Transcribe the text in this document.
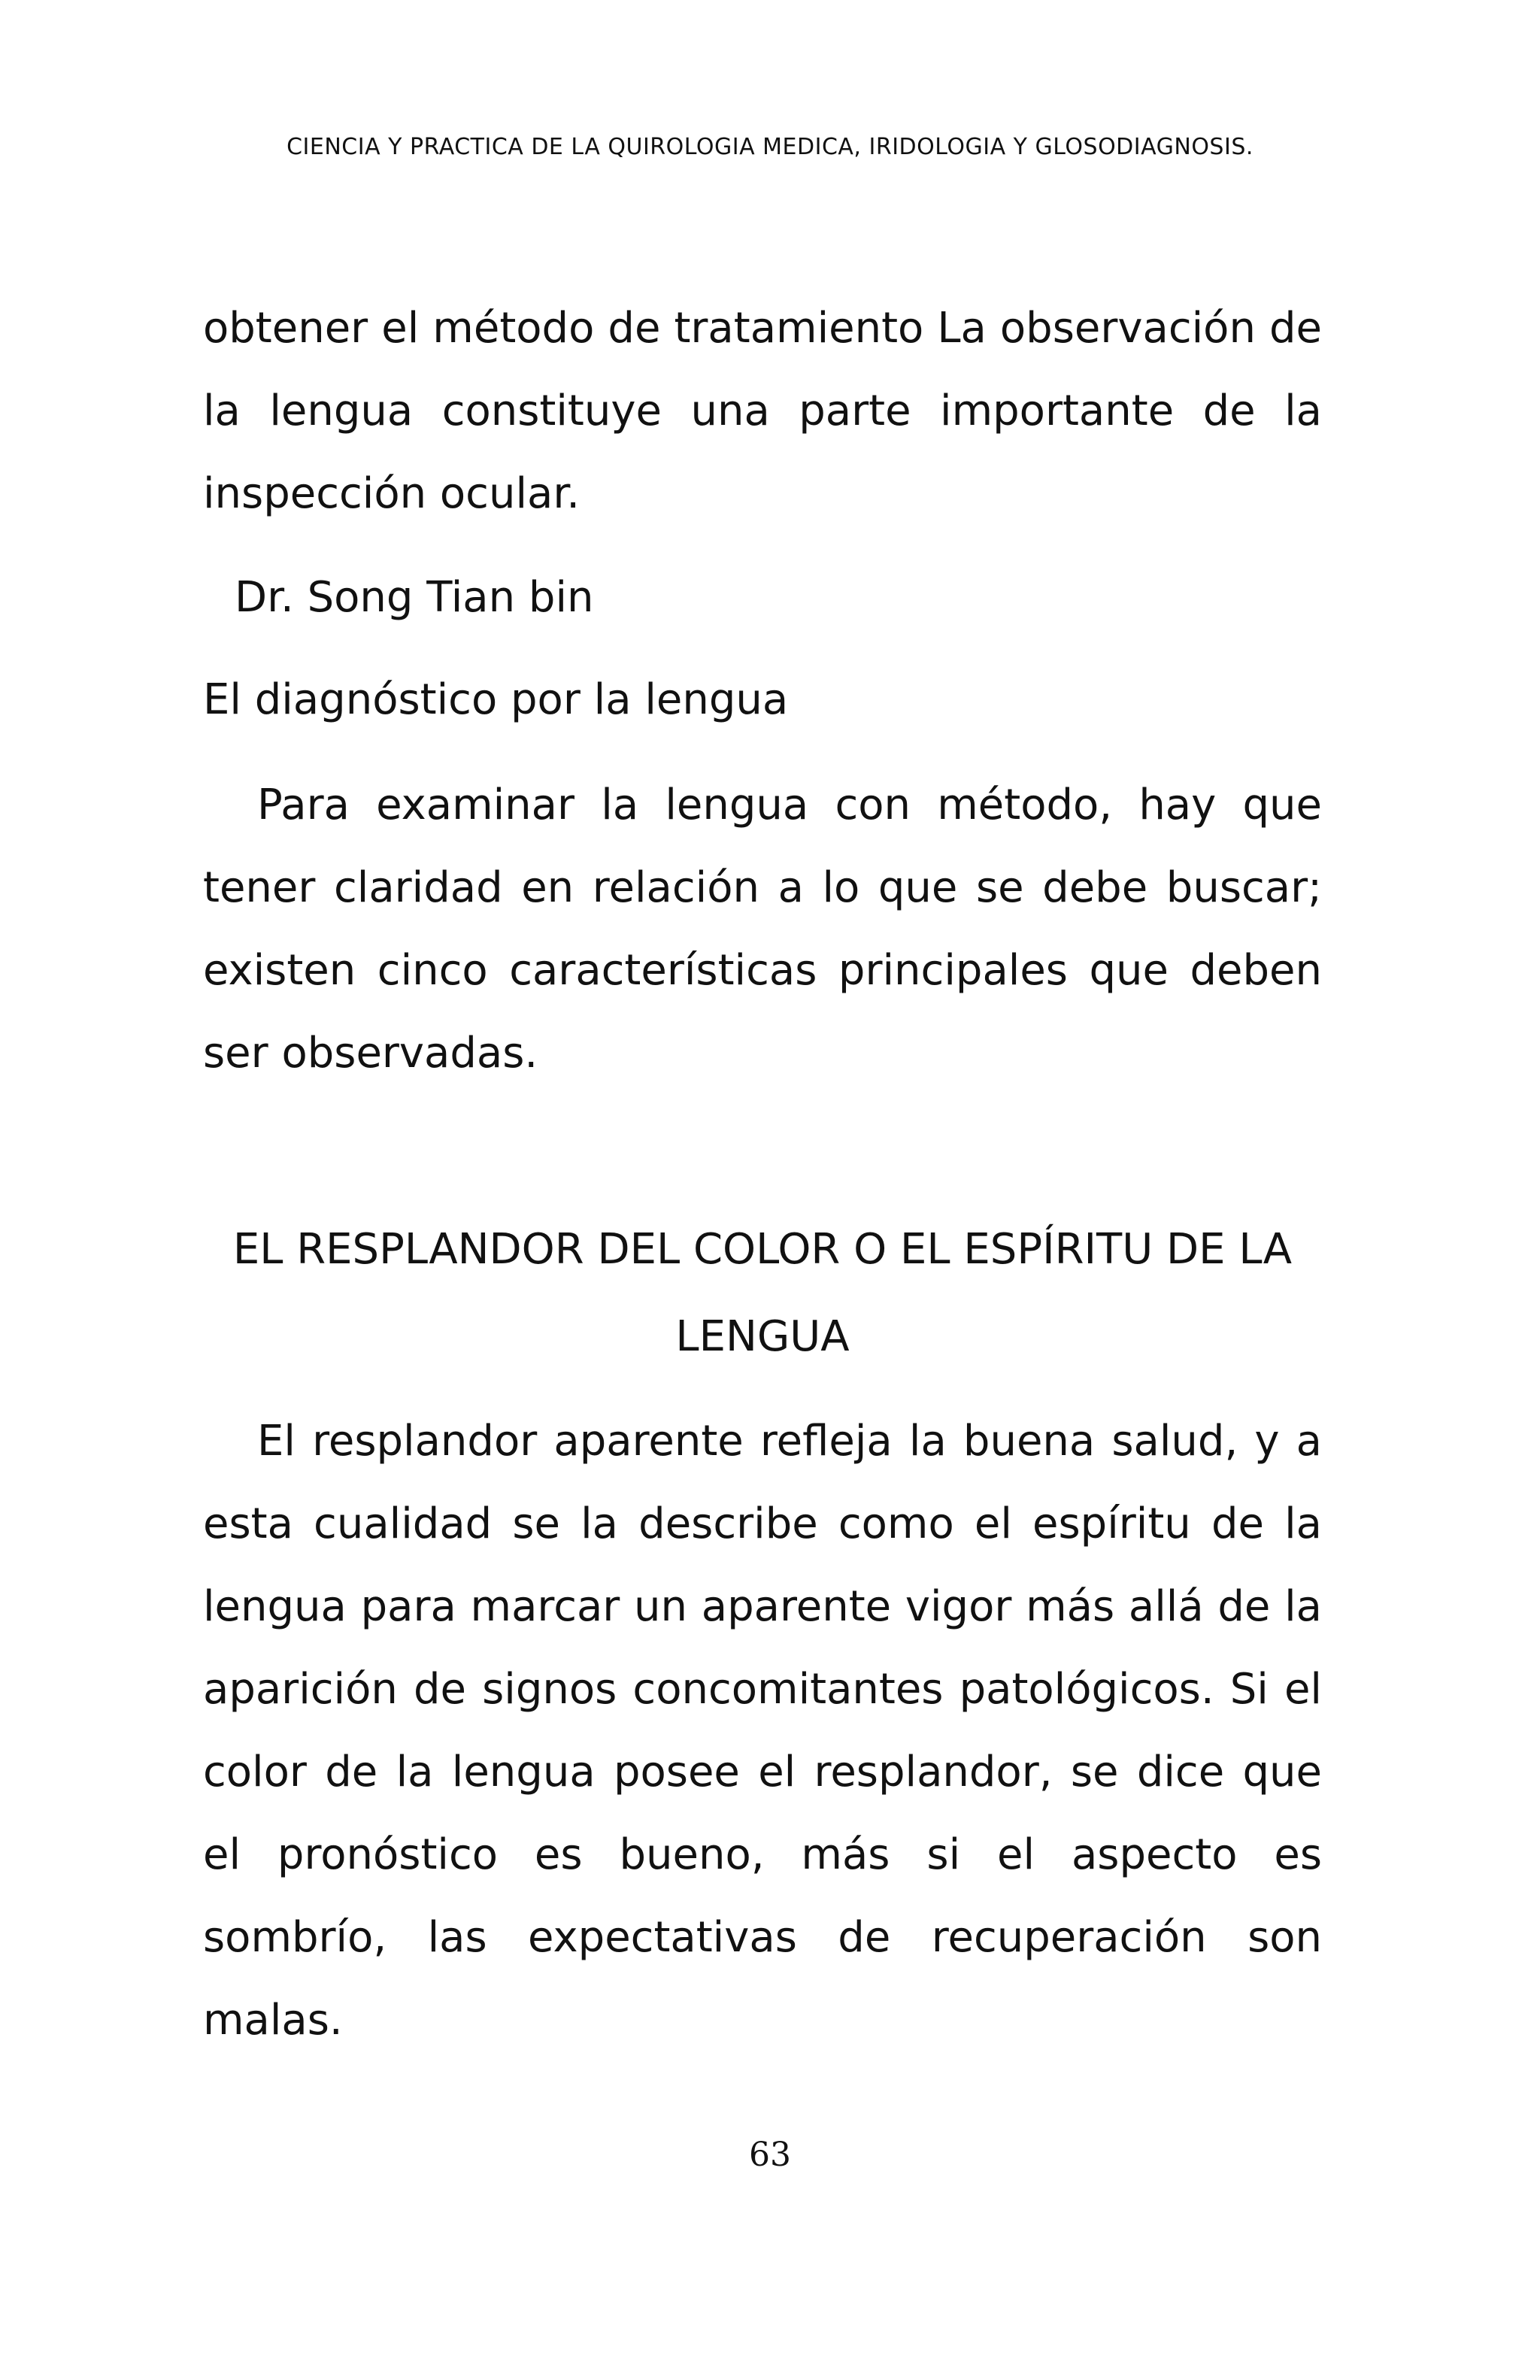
CIENCIA Y PRACTICA DE LA QUIROLOGIA MEDICA, IRIDOLOGIA Y GLOSODIAGNOSIS.

obtener el método de tratamiento La observación de la lengua constituye una parte importante de la inspección ocular.

Dr. Song Tian bin

El diagnóstico por la lengua

Para examinar la lengua con método, hay que tener claridad en relación a lo que se debe buscar; existen cinco características principales que deben ser observadas.

EL RESPLANDOR DEL COLOR O EL ESPÍRITU DE LA LENGUA

El resplandor aparente refleja la buena salud, y a esta cualidad se la describe como el espíritu de la lengua para marcar un aparente vigor más allá de la aparición de signos concomitantes patológicos. Si el color de la lengua posee el resplandor, se dice que el pronóstico es bueno, más si el aspecto es sombrío, las expectativas de recuperación son malas.

63
